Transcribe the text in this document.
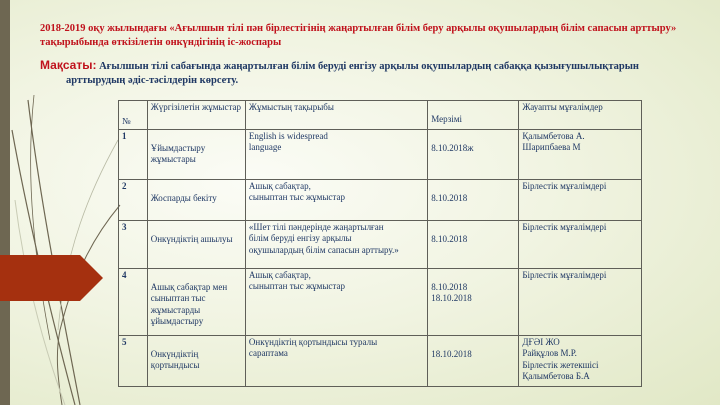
2018-2019 оқу жылындағы «Ағылшын тілі пән бірлестігінің жаңартылған білім беру арқылы оқушылардың білім сапасын арттыру» тақырыбында өткізілетін онкүндігінің іс-жоспары
Мақсаты: Ағылшын тілі сабағында жаңартылған білім беруді енгізу арқылы оқушылардың сабаққа қызығушылықтарын
арттырудың әдіс-тәсілдерін көрсету.
№	Жүргізілетін жұмыстар	Жұмыстың тақырыбы	Мерзімі	Жауапты мұғалімдер
1	Ұйымдастыру жұмыстары	English is widespread
language	8.10.2018ж	Қалымбетова А.
Шарипбаева М

2	Жоспарды бекіту	Ашық сабақтар,
сыныптан тыс жұмыстар	8.10.2018	Бірлестік мұғалімдері

3	Онкүндіктің ашылуы	«Шет тілі пәндерінде жаңартылған
білім беруді енгізу арқылы
оқушылардың білім сапасын арттыру.»	8.10.2018	Бірлестік мұғалімдері

4	Ашық сабақтар мен сыныптан тыс жұмыстарды ұйымдастыру	Ашық сабақтар,
сыныптан тыс жұмыстар	8.10.2018
18.10.2018	Бірлестік мұғалімдері

5	Онкүндіктің қортындысы	Онкүндіктің қортындысы туралы
сараптама	18.10.2018	ДҒӘІ ЖО
Райқұлов М.Р.
Бірлестік жетекшісі
Қалымбетова Б.А
